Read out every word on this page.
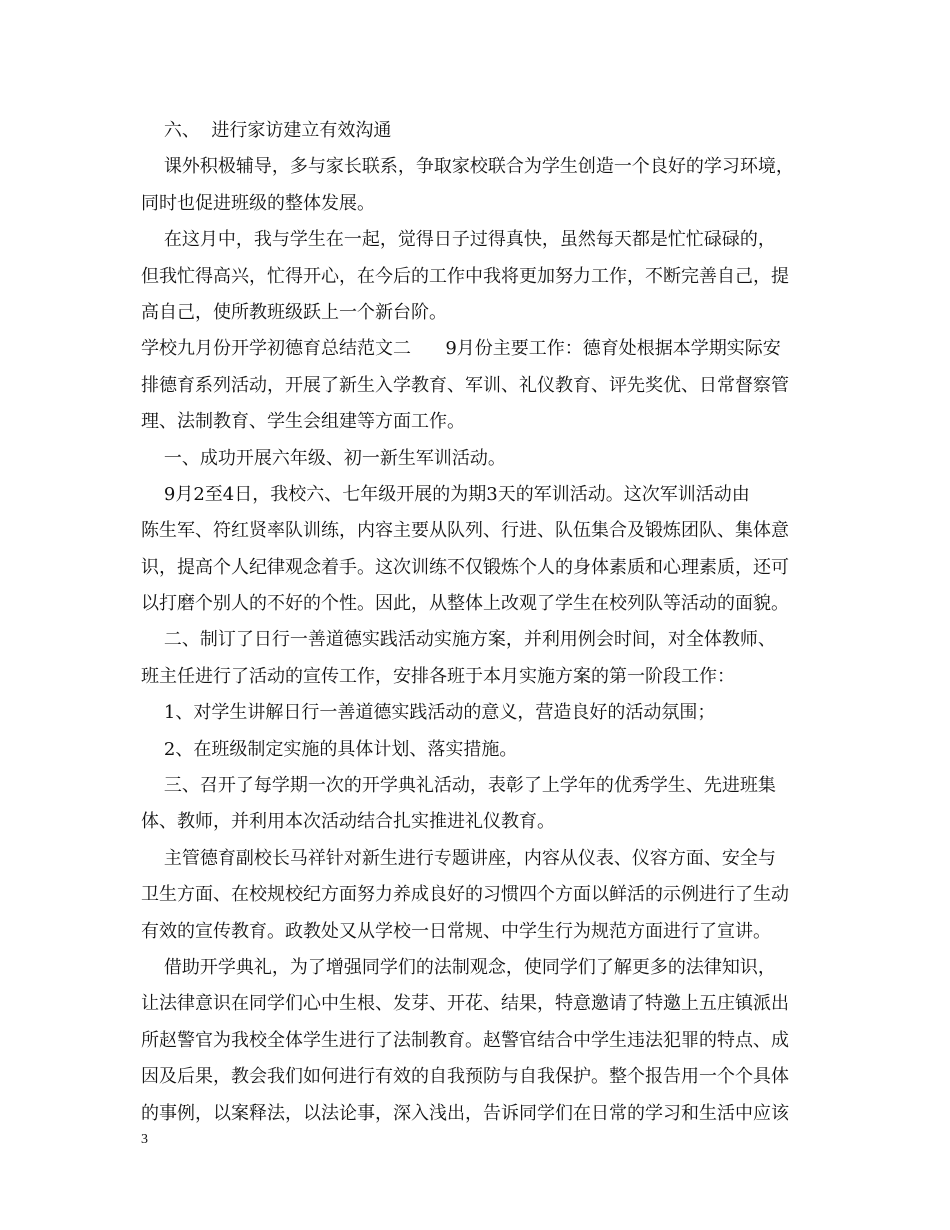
六、  进行家访建立有效沟通
课外积极辅导，多与家长联系，争取家校联合为学生创造一个良好的学习环境，
同时也促进班级的整体发展。
在这月中，我与学生在一起，觉得日子过得真快，虽然每天都是忙忙碌碌的，
但我忙得高兴，忙得开心，在今后的工作中我将更加努力工作，不断完善自己，提
高自己，使所教班级跃上一个新台阶。
学校九月份开学初德育总结范文二      9月份主要工作：德育处根据本学期实际安
排德育系列活动，开展了新生入学教育、军训、礼仪教育、评先奖优、日常督察管
理、法制教育、学生会组建等方面工作。
一、成功开展六年级、初一新生军训活动。
9月2至4日，我校六、七年级开展的为期3天的军训活动。这次军训活动由
陈生军、符红贤率队训练，内容主要从队列、行进、队伍集合及锻炼团队、集体意
识，提高个人纪律观念着手。这次训练不仅锻炼个人的身体素质和心理素质，还可
以打磨个别人的不好的个性。因此，从整体上改观了学生在校列队等活动的面貌。
二、制订了日行一善道德实践活动实施方案，并利用例会时间，对全体教师、
班主任进行了活动的宣传工作，安排各班于本月实施方案的第一阶段工作：
1、对学生讲解日行一善道德实践活动的意义，营造良好的活动氛围；
2、在班级制定实施的具体计划、落实措施。
三、召开了每学期一次的开学典礼活动，表彰了上学年的优秀学生、先进班集
体、教师，并利用本次活动结合扎实推进礼仪教育。
主管德育副校长马祥针对新生进行专题讲座，内容从仪表、仪容方面、安全与
卫生方面、在校规校纪方面努力养成良好的习惯四个方面以鲜活的示例进行了生动
有效的宣传教育。政教处又从学校一日常规、中学生行为规范方面进行了宣讲。
借助开学典礼，为了增强同学们的法制观念，使同学们了解更多的法律知识，
让法律意识在同学们心中生根、发芽、开花、结果，特意邀请了特邀上五庄镇派出
所赵警官为我校全体学生进行了法制教育。赵警官结合中学生违法犯罪的特点、成
因及后果，教会我们如何进行有效的自我预防与自我保护。整个报告用一个个具体
的事例，以案释法，以法论事，深入浅出，告诉同学们在日常的学习和生活中应该
3
